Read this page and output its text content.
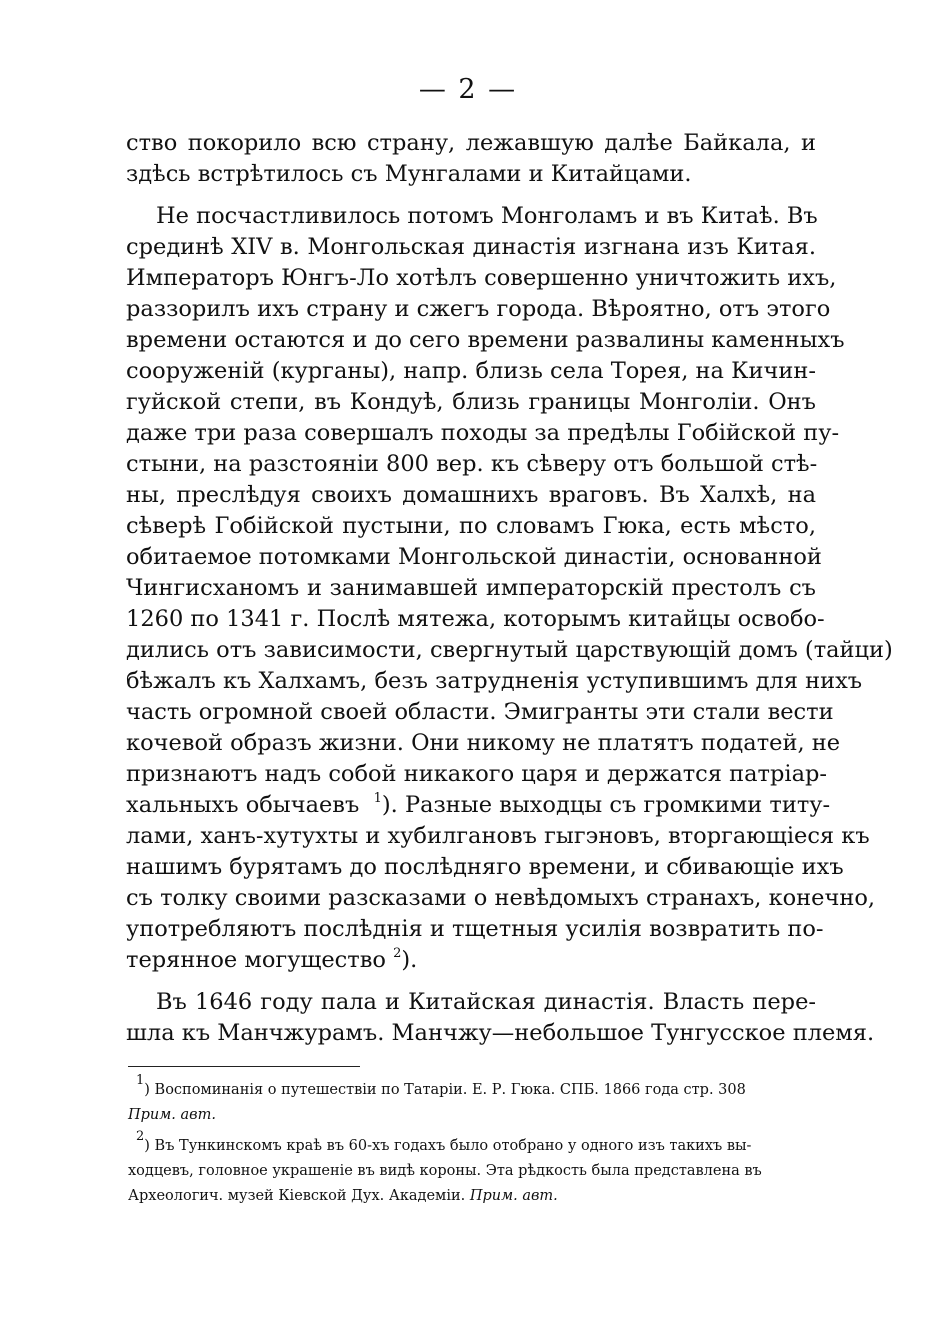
— 2 —
ство покорило всю страну, лежавшую далѣе Байкала, и
здѣсь встрѣтилось съ Мунгалами и Китайцами.
Не посчастливилось потомъ Монголамъ и въ Китаѣ. Въ
срединѣ XIV в. Монгольская династія изгнана изъ Китая.
Императоръ Юнгъ-Ло хотѣлъ совершенно уничтожить ихъ,
раззорилъ ихъ страну и сжегъ города. Вѣроятно, отъ этого
времени остаются и до сего времени развалины каменныхъ
сооруженій (курганы), напр. близь села Торея, на Кичин-
гуйской степи, въ Кондуѣ, близь границы Монголіи. Онъ
даже три раза совершалъ походы за предѣлы Гобійской пу-
стыни, на разстояніи 800 вер. къ сѣверу отъ большой стѣ-
ны, преслѣдуя своихъ домашнихъ враговъ. Въ Халхѣ, на
сѣверѣ Гобійской пустыни, по словамъ Гюка, есть мѣсто,
обитаемое потомками Монгольской династіи, основанной
Чингисханомъ и занимавшей императорскій престолъ съ
1260 по 1341 г. Послѣ мятежа, которымъ китайцы освобо-
дились отъ зависимости, свергнутый царствующій домъ (тайци)
бѣжалъ къ Халхамъ, безъ затрудненія уступившимъ для нихъ
часть огромной своей области. Эмигранты эти стали вести
кочевой образъ жизни. Они никому не платятъ податей, не
признаютъ надъ собой никакого царя и держатся патріар-
хальныхъ обычаевъ $^1$). Разные выходцы съ громкими титу-
лами, ханъ-хутухты и хубилгановъ гыгэновъ, вторгающіеся къ
нашимъ бурятамъ до послѣдняго времени, и сбивающіе ихъ
съ толку своими разсказами о невѣдомыхъ странахъ, конечно,
употребляютъ послѣднія и тщетныя усилія возвратить по-
терянное могущество $^2$).
Въ 1646 году пала и Китайская династія. Власть пере-
шла къ Манчжурамъ. Манчжу—небольшое Тунгусское племя.
$^1$) Воспоминанія о путешествіи по Татаріи. Е. Р. Гюка. СПБ. 1866 года стр. 308
Прим. авт.
$^2$) Въ Тункинскомъ краѣ въ 60-хъ годахъ было отобрано у одного изъ такихъ вы-
ходцевъ, головное украшеніе въ видѣ короны. Эта рѣдкость была представлена въ
Археологич. музей Кіевской Дух. Академіи. Прим. авт.
